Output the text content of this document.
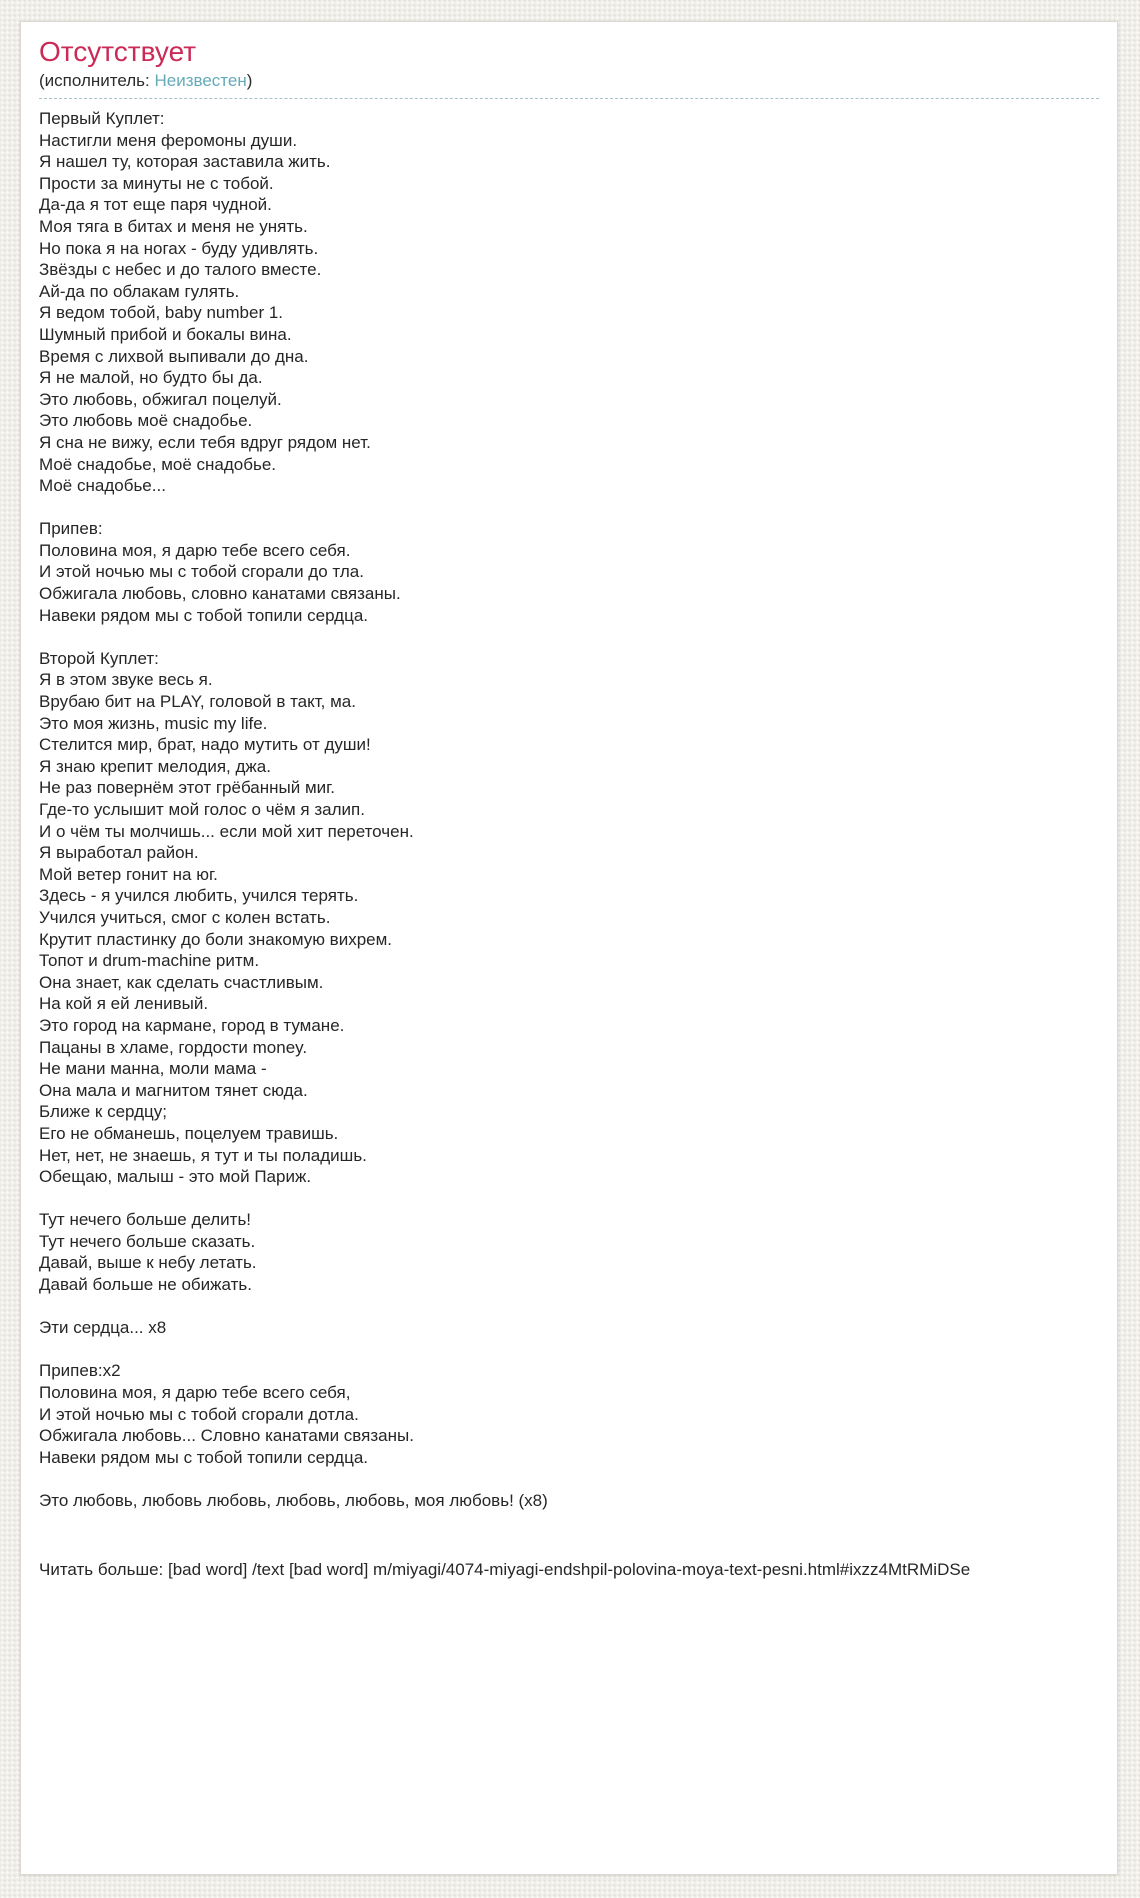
Отсутствует
(исполнитель: Неизвестен)
Первый Куплет:
Настигли меня феромоны души.
Я нашел ту, которая заставила жить.
Прости за минуты не с тобой.
Да-да я тот еще паря чудной.
Моя тяга в битах и меня не унять.
Но пока я на ногах - буду удивлять.
Звёзды с небес и до талого вместе.
Ай-да по облакам гулять.
Я ведом тобой, baby number 1.
Шумный прибой и бокалы вина.
Время с лихвой выпивали до дна.
Я не малой, но будто бы да.
Это любовь, обжигал поцелуй.
Это любовь моё снадобье.
Я сна не вижу, если тебя вдруг рядом нет.
Моё снадобье, моё снадобье.
Моё снадобье...
Припев:
Половина моя, я дарю тебе всего себя.
И этой ночью мы с тобой сгорали до тла.
Обжигала любовь, словно канатами связаны.
Навеки рядом мы с тобой топили сердца.
Второй Куплет:
Я в этом звуке весь я.
Врубаю бит на PLAY, головой в такт, ма.
Это моя жизнь, music my life.
Стелится мир, брат, надо мутить от души!
Я знаю крепит мелодия, джа.
Не раз повернём этот грёбанный миг.
Где-то услышит мой голос о чём я залип.
И о чём ты молчишь... если мой хит переточен.
Я выработал район.
Мой ветер гонит на юг.
Здесь - я учился любить, учился терять.
Учился учиться, смог с колен встать.
Крутит пластинку до боли знакомую вихрем.
Топот и drum-machine ритм.
Она знает, как сделать счастливым.
На кой я ей ленивый.
Это город на кармане, город в тумане.
Пацаны в хламе, гордости money.
Не мани манна, моли мама -
Она мала и магнитом тянет сюда.
Ближе к сердцу;
Его не обманешь, поцелуем травишь.
Нет, нет, не знаешь, я тут и ты поладишь.
Обещаю, малыш - это мой Париж.
Тут нечего больше делить!
Тут нечего больше сказать.
Давай, выше к небу летать.
Давай больше не обижать.
Эти сердца... x8
Припев:x2
Половина моя, я дарю тебе всего себя,
И этой ночью мы с тобой сгорали дотла.
Обжигала любовь... Словно канатами связаны.
Навеки рядом мы с тобой топили сердца.
Это любовь, любовь любовь, любовь, любовь, моя любовь! (x8)

Читать больше: [bad word] /text [bad word] m/miyagi/4074-miyagi-endshpil-polovina-moya-text-pesni.html#ixzz4MtRMiDSe
